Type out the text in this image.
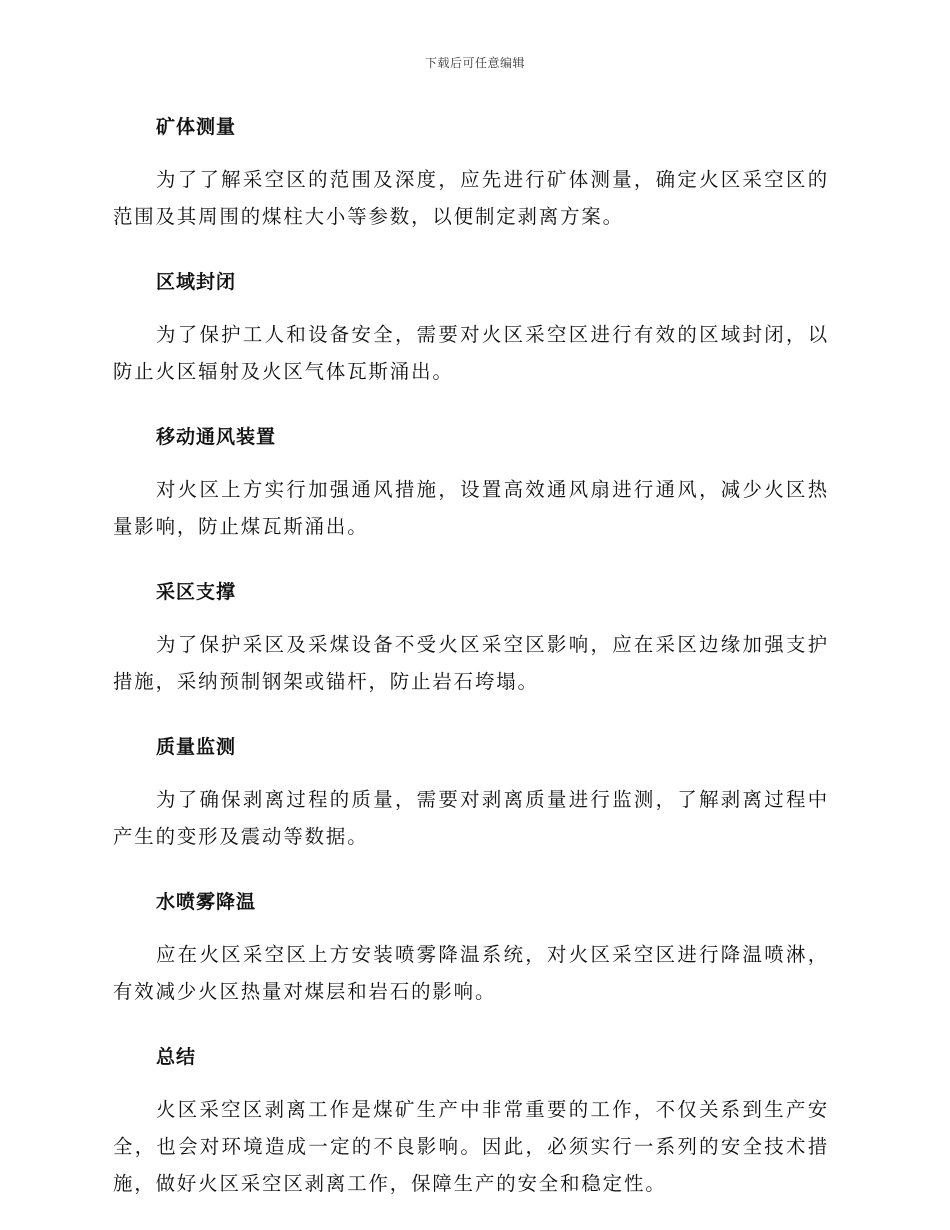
下载后可任意编辑
矿体测量

为了了解采空区的范围及深度，应先进行矿体测量，确定火区采空区的范围及其周围的煤柱大小等参数，以便制定剥离方案。

区域封闭

为了保护工人和设备安全，需要对火区采空区进行有效的区域封闭，以防止火区辐射及火区气体瓦斯涌出。

移动通风装置

对火区上方实行加强通风措施，设置高效通风扇进行通风，减少火区热量影响，防止煤瓦斯涌出。

采区支撑

为了保护采区及采煤设备不受火区采空区影响，应在采区边缘加强支护措施，采纳预制钢架或锚杆，防止岩石垮塌。

质量监测

为了确保剥离过程的质量，需要对剥离质量进行监测，了解剥离过程中产生的变形及震动等数据。

水喷雾降温

应在火区采空区上方安装喷雾降温系统，对火区采空区进行降温喷淋，有效减少火区热量对煤层和岩石的影响。

总结

火区采空区剥离工作是煤矿生产中非常重要的工作，不仅关系到生产安全，也会对环境造成一定的不良影响。因此，必须实行一系列的安全技术措施，做好火区采空区剥离工作，保障生产的安全和稳定性。
